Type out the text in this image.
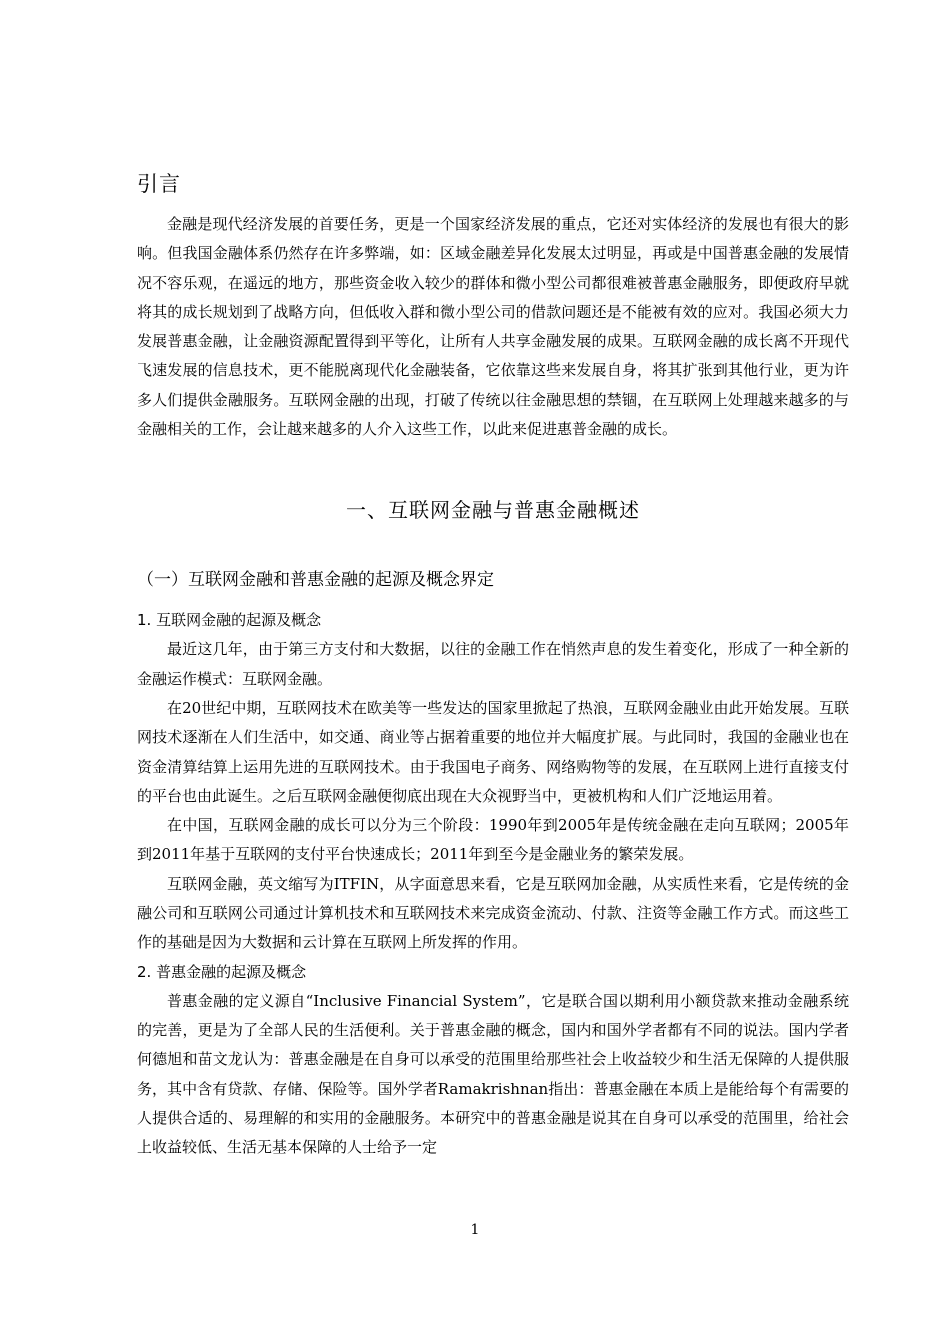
引言

金融是现代经济发展的首要任务，更是一个国家经济发展的重点，它还对实体经济的发展也有很大的影响。但我国金融体系仍然存在许多弊端，如：区域金融差异化发展太过明显，再或是中国普惠金融的发展情况不容乐观，在遥远的地方，那些资金收入较少的群体和微小型公司都很难被普惠金融服务，即便政府早就将其的成长规划到了战略方向，但低收入群和微小型公司的借款问题还是不能被有效的应对。我国必须大力发展普惠金融，让金融资源配置得到平等化，让所有人共享金融发展的成果。互联网金融的成长离不开现代飞速发展的信息技术，更不能脱离现代化金融装备，它依靠这些来发展自身，将其扩张到其他行业，更为许多人们提供金融服务。互联网金融的出现，打破了传统以往金融思想的禁锢，在互联网上处理越来越多的与金融相关的工作，会让越来越多的人介入这些工作，以此来促进惠普金融的成长。

一、互联网金融与普惠金融概述
（一）互联网金融和普惠金融的起源及概念界定
1. 互联网金融的起源及概念

最近这几年，由于第三方支付和大数据，以往的金融工作在悄然声息的发生着变化，形成了一种全新的金融运作模式：互联网金融。

在20世纪中期，互联网技术在欧美等一些发达的国家里掀起了热浪，互联网金融业由此开始发展。互联网技术逐渐在人们生活中，如交通、商业等占据着重要的地位并大幅度扩展。与此同时，我国的金融业也在资金清算结算上运用先进的互联网技术。由于我国电子商务、网络购物等的发展，在互联网上进行直接支付的平台也由此诞生。之后互联网金融便彻底出现在大众视野当中，更被机构和人们广泛地运用着。

在中国，互联网金融的成长可以分为三个阶段：1990年到2005年是传统金融在走向互联网；2005年到2011年基于互联网的支付平台快速成长；2011年到至今是金融业务的繁荣发展。

互联网金融，英文缩写为ITFIN，从字面意思来看，它是互联网加金融，从实质性来看，它是传统的金融公司和互联网公司通过计算机技术和互联网技术来完成资金流动、付款、注资等金融工作方式。而这些工作的基础是因为大数据和云计算在互联网上所发挥的作用。

2. 普惠金融的起源及概念

普惠金融的定义源自“Inclusive Financial System”，它是联合国以期利用小额贷款来推动金融系统的完善，更是为了全部人民的生活便利。关于普惠金融的概念，国内和国外学者都有不同的说法。国内学者何德旭和苗文龙认为：普惠金融是在自身可以承受的范围里给那些社会上收益较少和生活无保障的人提供服务，其中含有贷款、存储、保险等。国外学者Ramakrishnan指出：普惠金融在本质上是能给每个有需要的人提供合适的、易理解的和实用的金融服务。本研究中的普惠金融是说其在自身可以承受的范围里，给社会上收益较低、生活无基本保障的人士给予一定

1
